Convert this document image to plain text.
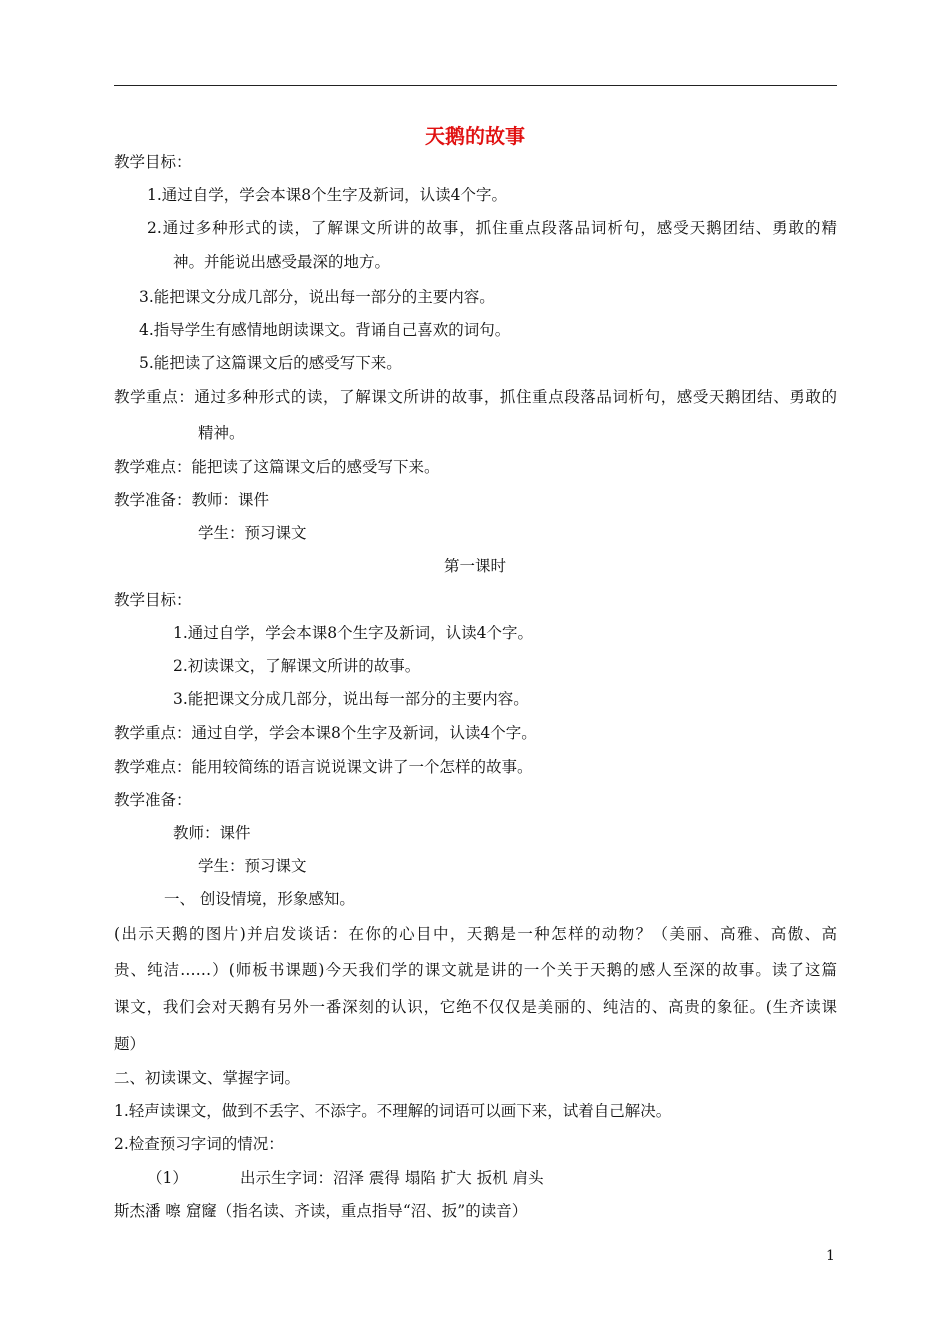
天鹅的故事
教学目标：
1.通过自学，学会本课8个生字及新词，认读4个字。
2.通过多种形式的读，了解课文所讲的故事，抓住重点段落品词析句，感受天鹅团结、勇敢的精
神。并能说出感受最深的地方。
3.能把课文分成几部分，说出每一部分的主要内容。
4.指导学生有感情地朗读课文。背诵自己喜欢的词句。
5.能把读了这篇课文后的感受写下来。
教学重点：通过多种形式的读，了解课文所讲的故事，抓住重点段落品词析句，感受天鹅团结、勇敢的
精神。
教学难点：能把读了这篇课文后的感受写下来。
教学准备：教师：课件
学生：预习课文
第一课时
教学目标：
1.通过自学，学会本课8个生字及新词，认读4个字。
2.初读课文，了解课文所讲的故事。
3.能把课文分成几部分，说出每一部分的主要内容。
教学重点：通过自学，学会本课8个生字及新词，认读4个字。
教学难点：能用较简练的语言说说课文讲了一个怎样的故事。
教学准备：
教师：课件
学生：预习课文
一、 创设情境，形象感知。
(出示天鹅的图片)并启发谈话：在你的心目中，天鹅是一种怎样的动物？（美丽、高雅、高傲、高
贵、纯洁……）(师板书课题)今天我们学的课文就是讲的一个关于天鹅的感人至深的故事。读了这篇
课文，我们会对天鹅有另外一番深刻的认识，它绝不仅仅是美丽的、纯洁的、高贵的象征。(生齐读课
题）
二、初读课文、掌握字词。
1.轻声读课文，做到不丢字、不添字。不理解的词语可以画下来，试着自己解决。
2.检查预习字词的情况：
（1）	出示生字词：沼泽 震得 塌陷 扩大 扳机 肩头
斯杰潘 嚓 窟窿（指名读、齐读，重点指导“沼、扳”的读音）
1
